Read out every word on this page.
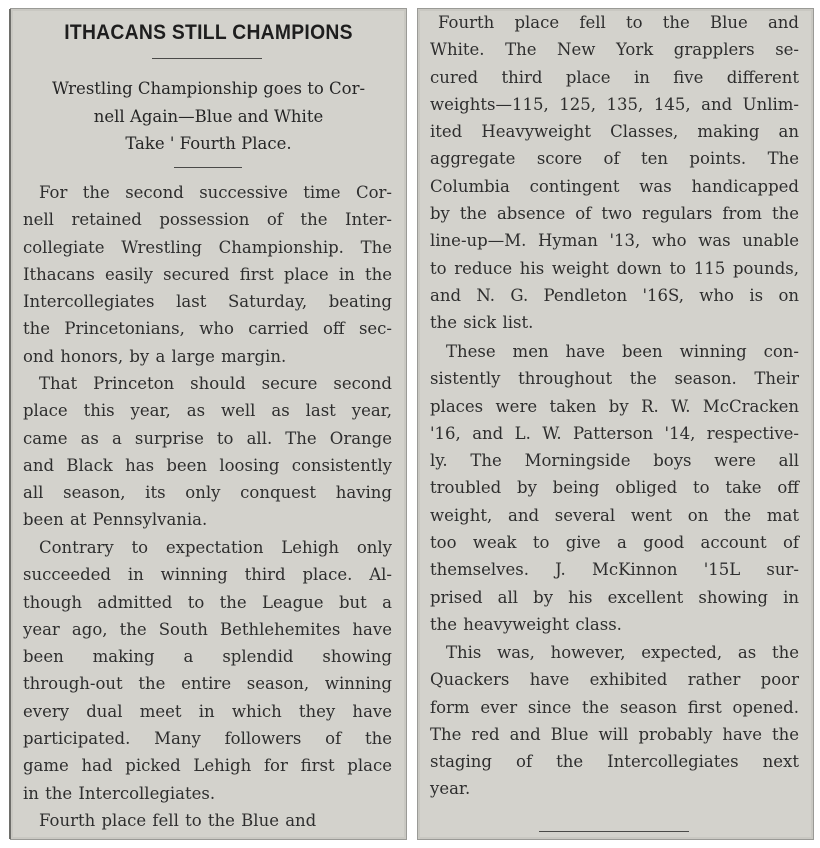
ITHACANS STILL CHAMPIONS
Wrestling Championship goes to Cor-
nell Again—Blue and White
Take ' Fourth Place.
For the second successive time Cor-
nell retained possession of the Inter-
collegiate Wrestling Championship. The
Ithacans easily secured first place in the
Intercollegiates last Saturday, beating
the Princetonians, who carried off sec-
ond honors, by a large margin.
That Princeton should secure second
place this year, as well as last year,
came as a surprise to all. The Orange
and Black has been loosing consistently
all season, its only conquest having
been at Pennsylvania.
Contrary to expectation Lehigh only
succeeded in winning third place. Al-
though admitted to the League but a
year ago, the South Bethlehemites have
been making a splendid showing
through-out the entire season, winning
every dual meet in which they have
participated. Many followers of the
game had picked Lehigh for first place
in the Intercollegiates.
Fourth place fell to the Blue and
Fourth place fell to the Blue and
White. The New York grapplers se-
cured third place in five different
weights—115, 125, 135, 145, and Unlim-
ited Heavyweight Classes, making an
aggregate score of ten points. The
Columbia contingent was handicapped
by the absence of two regulars from the
line-up—M. Hyman '13, who was unable
to reduce his weight down to 115 pounds,
and N. G. Pendleton '16S, who is on
the sick list.
These men have been winning con-
sistently throughout the season. Their
places were taken by R. W. McCracken
'16, and L. W. Patterson '14, respective-
ly. The Morningside boys were all
troubled by being obliged to take off
weight, and several went on the mat
too weak to give a good account of
themselves. J. McKinnon '15L sur-
prised all by his excellent showing in
the heavyweight class.
This was, however, expected, as the
Quackers have exhibited rather poor
form ever since the season first opened.
The red and Blue will probably have the
staging of the Intercollegiates next
year.
